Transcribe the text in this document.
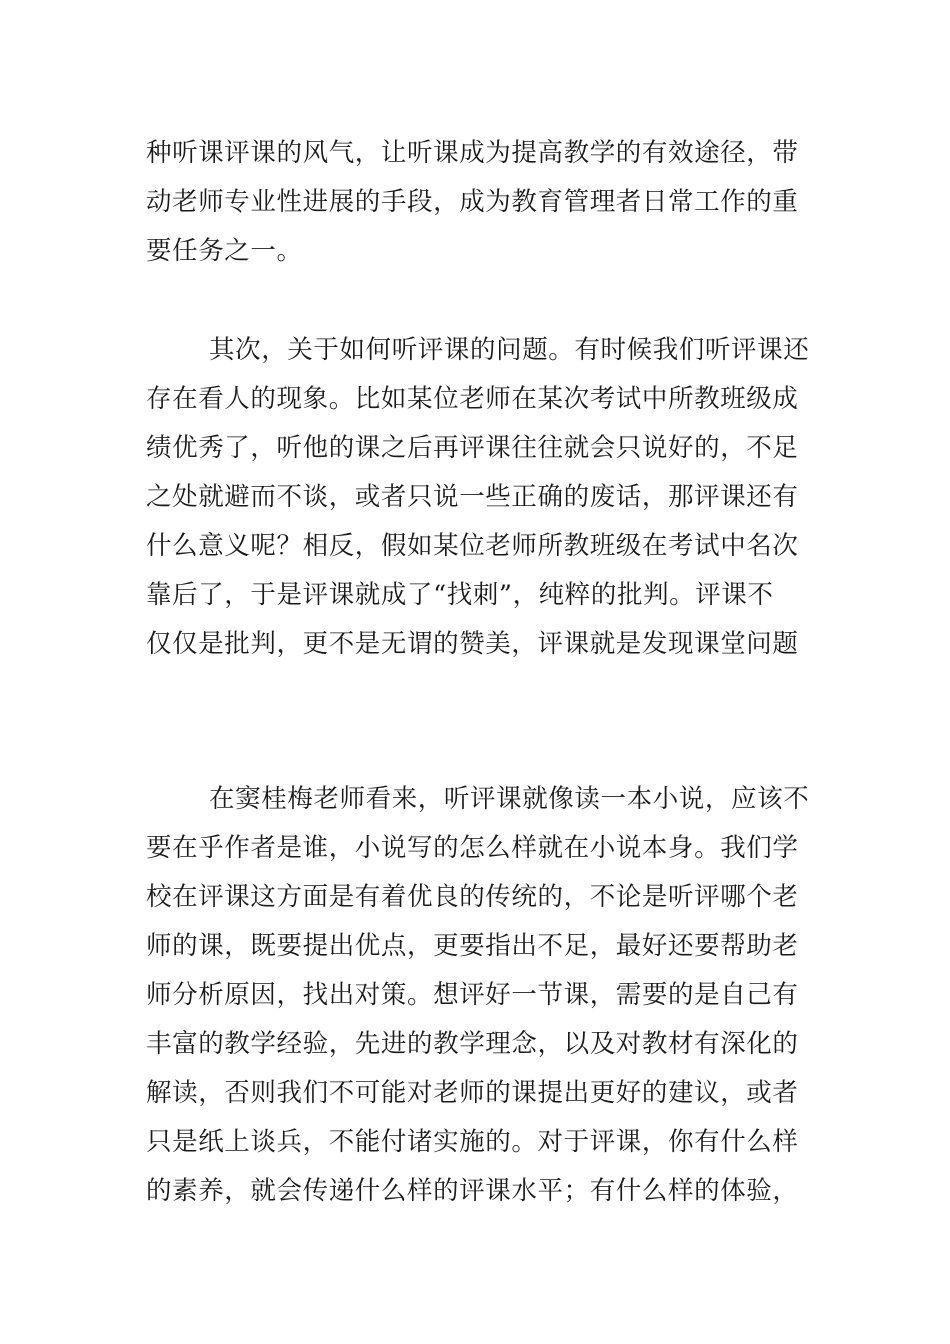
种听课评课的风气，让听课成为提高教学的有效途径，带
动老师专业性进展的手段，成为教育管理者日常工作的重
要任务之一。
其次，关于如何听评课的问题。有时候我们听评课还
存在看人的现象。比如某位老师在某次考试中所教班级成
绩优秀了，听他的课之后再评课往往就会只说好的，不足
之处就避而不谈，或者只说一些正确的废话，那评课还有
什么意义呢？相反，假如某位老师所教班级在考试中名次
靠后了，于是评课就成了“找刺”，纯粹的批判。评课不
仅仅是批判，更不是无谓的赞美，评课就是发现课堂问题
在窦桂梅老师看来，听评课就像读一本小说，应该不
要在乎作者是谁，小说写的怎么样就在小说本身。我们学
校在评课这方面是有着优良的传统的，不论是听评哪个老
师的课，既要提出优点，更要指出不足，最好还要帮助老
师分析原因，找出对策。想评好一节课，需要的是自己有
丰富的教学经验，先进的教学理念，以及对教材有深化的
解读，否则我们不可能对老师的课提出更好的建议，或者
只是纸上谈兵，不能付诸实施的。对于评课，你有什么样
的素养，就会传递什么样的评课水平；有什么样的体验，
